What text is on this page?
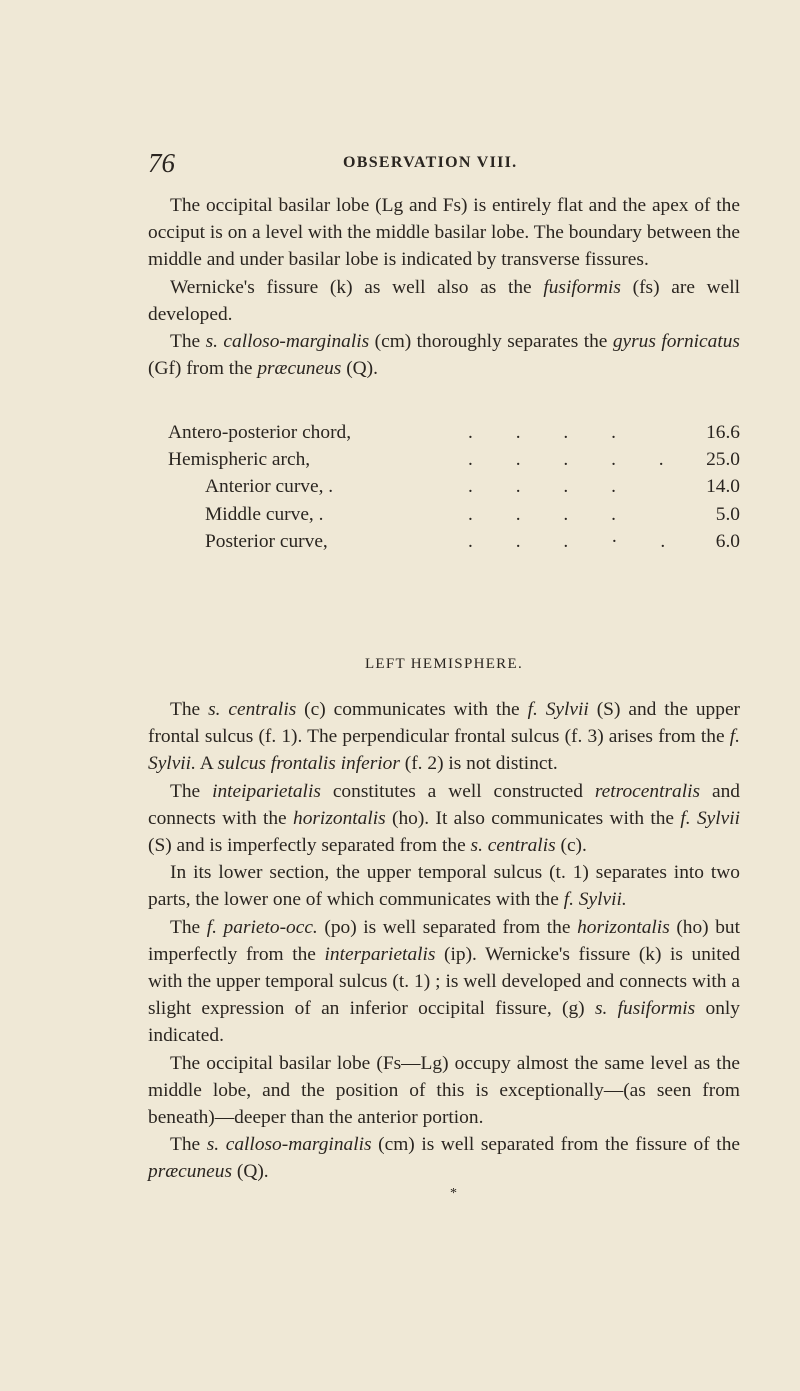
76	OBSERVATION VIII.

The occipital basilar lobe (Lg and Fs) is entirely flat and the apex of the occiput is on a level with the middle basilar lobe. The boundary between the middle and under basilar lobe is indicated by transverse fissures.

Wernicke's fissure (k) as well also as the fusiformis (fs) are well developed.

The s. calloso-marginalis (cm) thoroughly separates the gyrus fornicatus (Gf) from the præcuneus (Q).

Antero-posterior chord,	. . . .	16.6
Hemispheric arch,	. . . . . 25.0
Anterior curve, .	. . . .	14.0
Middle curve, .	. . . .	5.0
Posterior curve,	. . . · . 6.0
LEFT HEMISPHERE.

The s. centralis (c) communicates with the f. Sylvii (S) and the upper frontal sulcus (f. 1). The perpendicular frontal sulcus (f. 3) arises from the f. Sylvii. A sulcus frontalis inferior (f. 2) is not distinct.

The inteiparietalis constitutes a well constructed retrocentralis and connects with the horizontalis (ho). It also communicates with the f. Sylvii (S) and is imperfectly separated from the s. centralis (c).

In its lower section, the upper temporal sulcus (t. 1) separates into two parts, the lower one of which communicates with the f. Sylvii.

The f. parieto-occ. (po) is well separated from the horizontalis (ho) but imperfectly from the interparietalis (ip). Wernicke's fissure (k) is united with the upper temporal sulcus (t. 1) ; is well developed and connects with a slight expression of an inferior occipital fissure, (g) s. fusiformis only indicated.

The occipital basilar lobe (Fs—Lg) occupy almost the same level as the middle lobe, and the position of this is exceptionally—(as seen from beneath)—deeper than the anterior portion.

The s. calloso-marginalis (cm) is well separated from the fissure of the præcuneus (Q).

*
